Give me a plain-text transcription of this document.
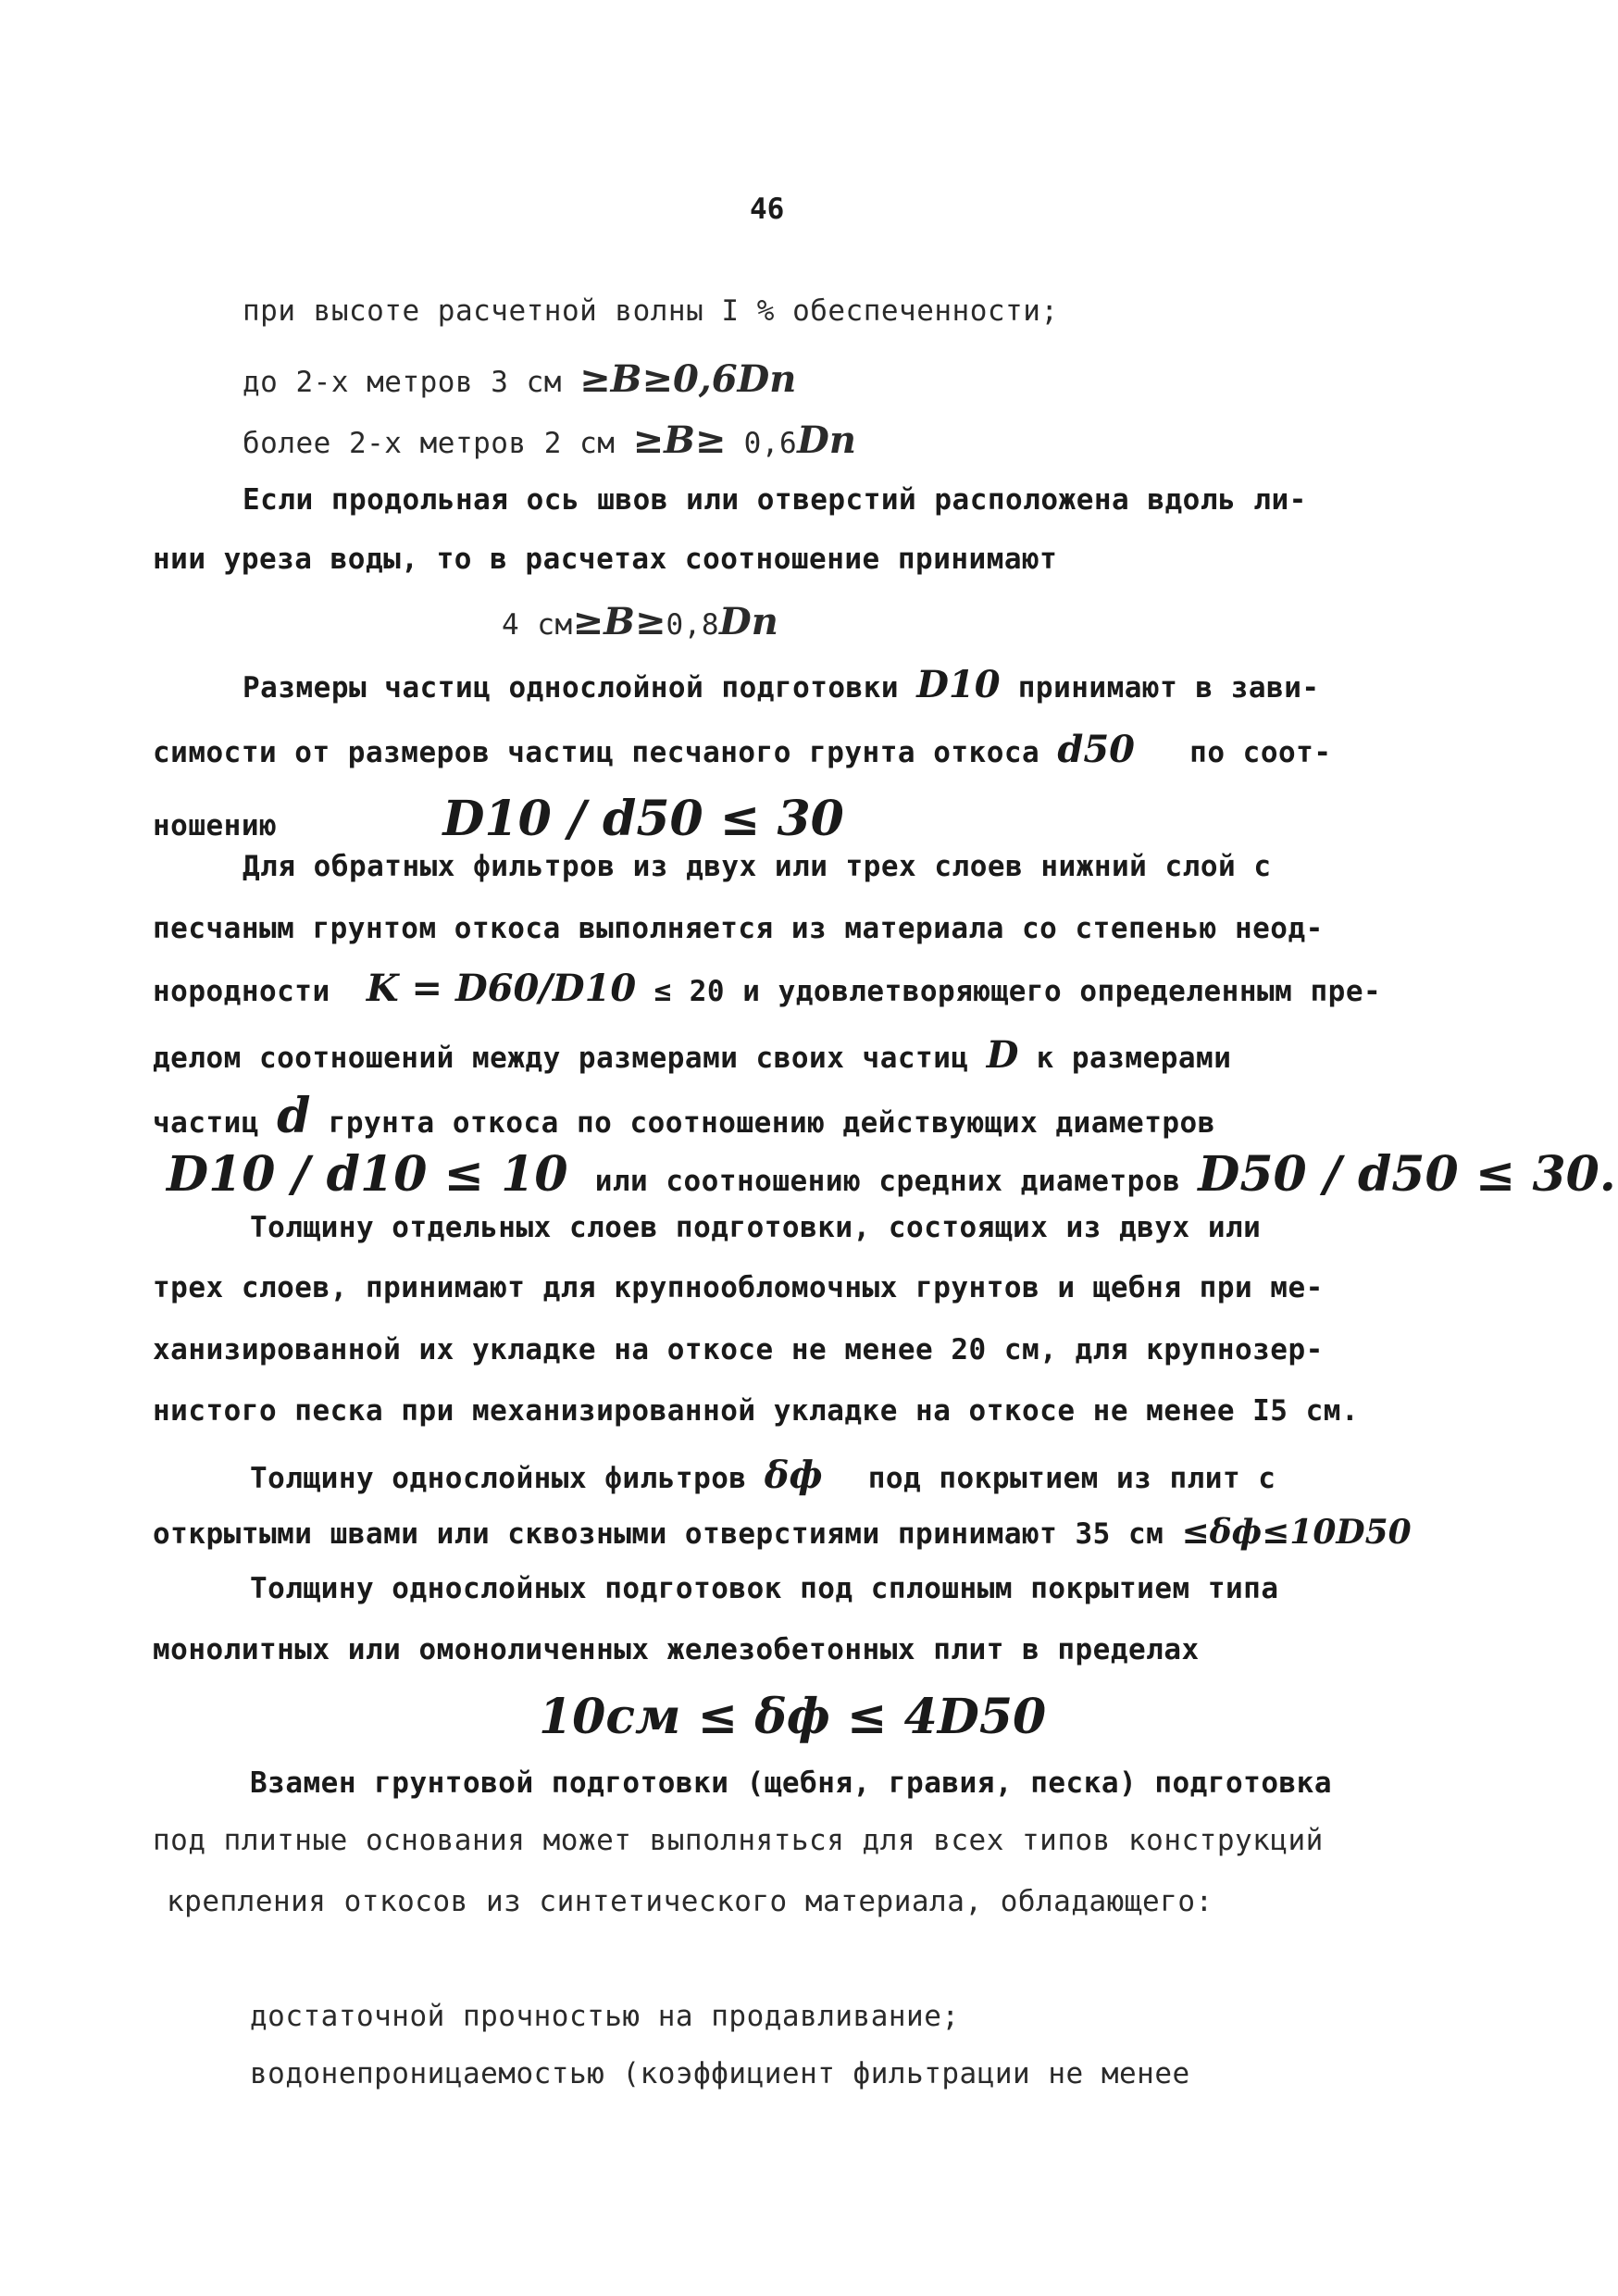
46
при высоте расчетной волны I % обеспеченности;
до 2-х метров 3 см ≥В≥0,6Dn
более 2-х метров 2 см ≥В≥ 0,6Dn
Если продольная ось швов или отверстий расположена вдоль ли-
нии уреза воды, то в расчетах соотношение принимают
4 см≥В≥0,8Dn
Размеры частиц однослойной подготовки D10 принимают в зави-
симости от размеров частиц песчаного грунта откоса d50 по соот-
ношению	D10 / d50 ≤ 30
Для обратных фильтров из двух или трех слоев нижний слой с
песчаным грунтом откоса выполняется из материала со степенью неод-
нородности K = D60/D10 ≤ 20 и удовлетворяющего определенным пре-
делом соотношений между размерами своих частиц D к размерами
частиц d грунта откоса по соотношению действующих диаметров
D10 / d10 ≤ 10 или соотношению средних диаметров D50 / d50 ≤ 30.
Толщину отдельных слоев подготовки, состоящих из двух или
трех слоев, принимают для крупнообломочных грунтов и щебня при ме-
ханизированной их укладке на откосе не менее 20 см, для крупнозер-
нистого песка при механизированной укладке на откосе не менее I5 см.
Толщину однослойных фильтров δф под покрытием из плит с
открытыми швами или сквозными отверстиями принимают 35 см ≤δф≤10D50
Толщину однослойных подготовок под сплошным покрытием типа
монолитных или омоноличенных железобетонных плит в пределах
10см ≤ δф ≤ 4D50
Взамен грунтовой подготовки (щебня, гравия, песка) подготовка
под плитные основания может выполняться для всех типов конструкций
крепления откосов из синтетического материала, обладающего:
достаточной прочностью на продавливание;
водонепроницаемостью (коэффициент фильтрации не менее
